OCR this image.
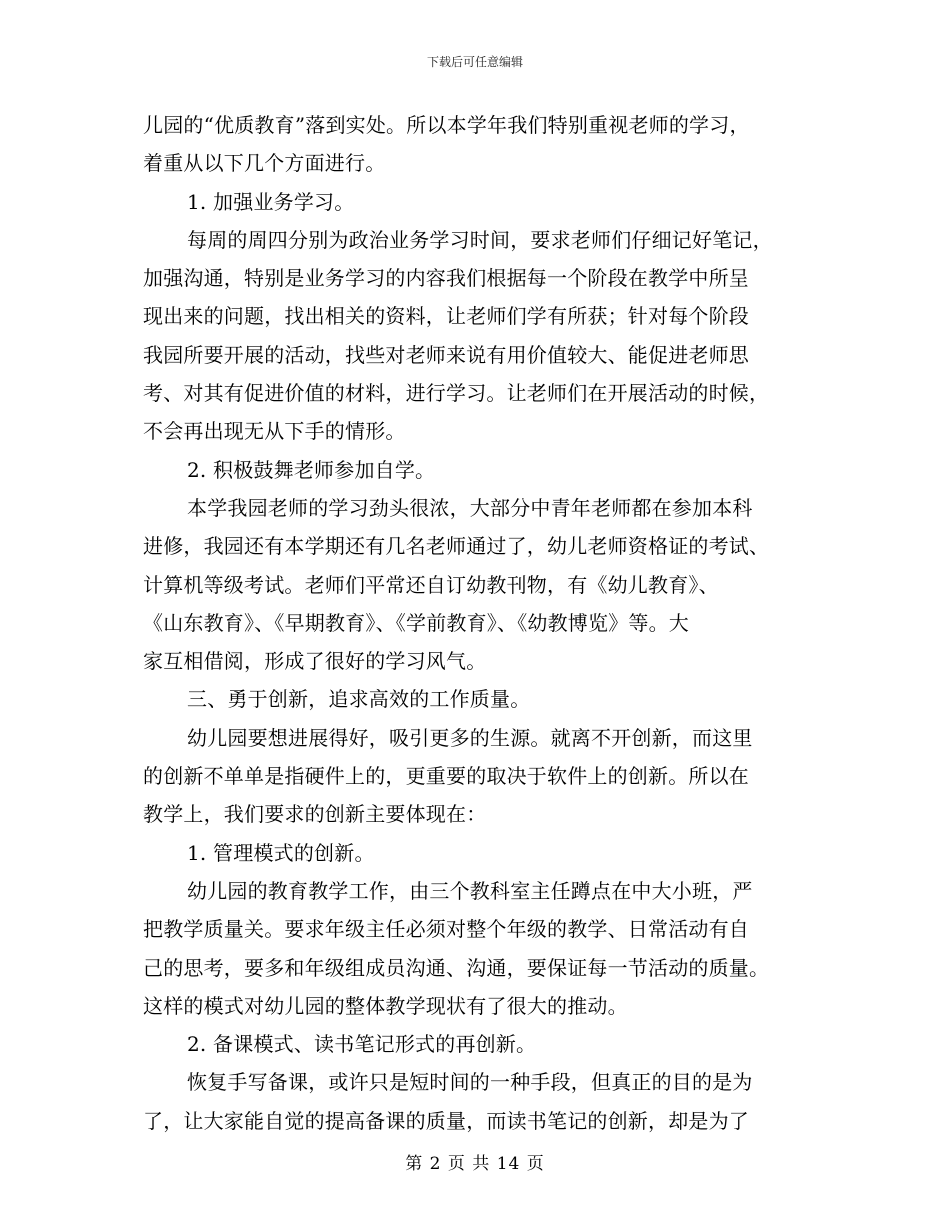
下载后可任意编辑
儿园的“优质教育”落到实处。所以本学年我们特别重视老师的学习，
着重从以下几个方面进行。
1. 加强业务学习。
每周的周四分别为政治业务学习时间，要求老师们仔细记好笔记，
加强沟通，特别是业务学习的内容我们根据每一个阶段在教学中所呈
现出来的问题，找出相关的资料，让老师们学有所获；针对每个阶段
我园所要开展的活动，找些对老师来说有用价值较大、能促进老师思
考、对其有促进价值的材料，进行学习。让老师们在开展活动的时候，
不会再出现无从下手的情形。
2. 积极鼓舞老师参加自学。
本学我园老师的学习劲头很浓，大部分中青年老师都在参加本科
进修，我园还有本学期还有几名老师通过了，幼儿老师资格证的考试、
计算机等级考试。老师们平常还自订幼教刊物，有《幼儿教育》、
《山东教育》、《早期教育》、《学前教育》、《幼教博览》等。大
家互相借阅，形成了很好的学习风气。
三、勇于创新，追求高效的工作质量。
幼儿园要想进展得好，吸引更多的生源。就离不开创新，而这里
的创新不单单是指硬件上的，更重要的取决于软件上的创新。所以在
教学上，我们要求的创新主要体现在：
1. 管理模式的创新。
幼儿园的教育教学工作，由三个教科室主任蹲点在中大小班，严
把教学质量关。要求年级主任必须对整个年级的教学、日常活动有自
己的思考，要多和年级组成员沟通、沟通，要保证每一节活动的质量。
这样的模式对幼儿园的整体教学现状有了很大的推动。
2. 备课模式、读书笔记形式的再创新。
恢复手写备课，或许只是短时间的一种手段，但真正的目的是为
了，让大家能自觉的提高备课的质量，而读书笔记的创新，却是为了
第 2 页 共 14 页
